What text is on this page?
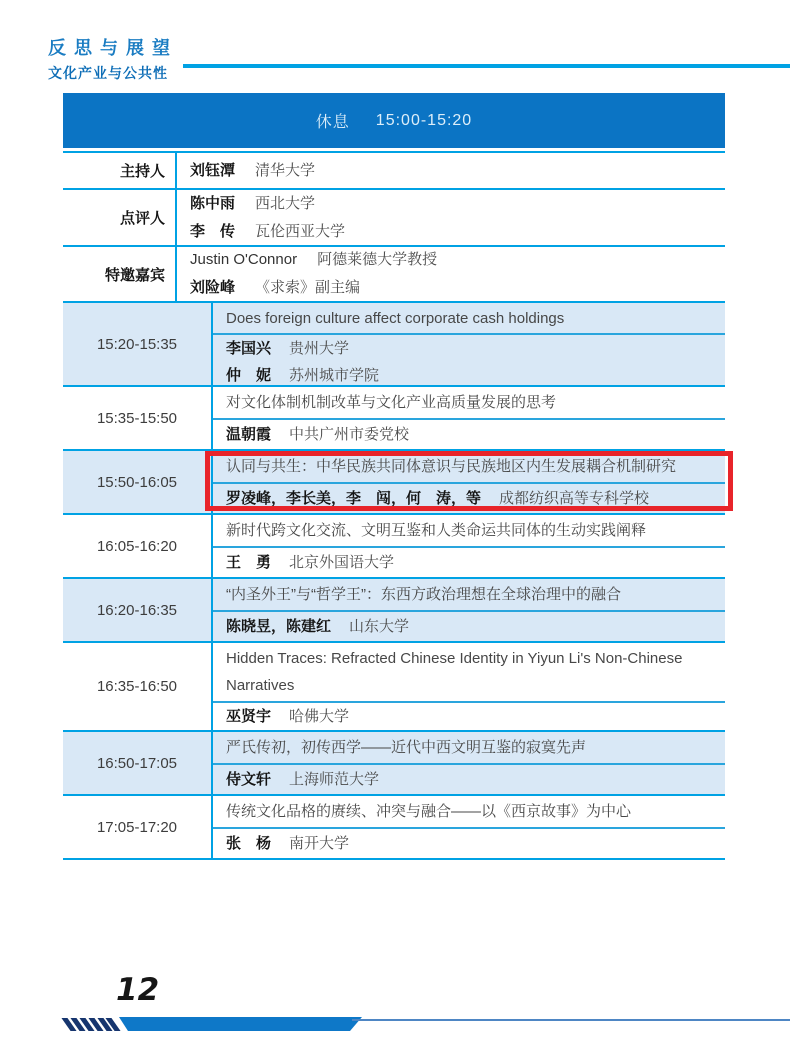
反思与展望
文化产业与公共性
休息 15:00-15:20
主持人	刘钰潭 清华大学
点评人
陈中雨 西北大学
李　传 瓦伦西亚大学
特邀嘉宾
Justin O'Connor 阿德莱德大学教授
刘险峰 《求索》副主编
15:20-15:35
Does foreign culture affect corporate cash holdings
李国兴 贵州大学
仲　妮 苏州城市学院
15:35-15:50
对文化体制机制改革与文化产业高质量发展的思考
温朝霞 中共广州市委党校
15:50-16:05
认同与共生：中华民族共同体意识与民族地区内生发展耦合机制研究
罗凌峰，李长美，李　闯，何　涛，等 成都纺织高等专科学校
16:05-16:20
新时代跨文化交流、文明互鉴和人类命运共同体的生动实践阐释
王　勇 北京外国语大学
16:20-16:35
“内圣外王”与“哲学王”：东西方政治理想在全球治理中的融合
陈晓昱，陈建红 山东大学
16:35-16:50
Hidden Traces: Refracted Chinese Identity in Yiyun Li's Non-Chinese Narratives
巫贤宇 哈佛大学
16:50-17:05
严氏传初，初传西学——近代中西文明互鉴的寂寞先声
侍文轩 上海师范大学
17:05-17:20
传统文化品格的赓续、冲突与融合——以《西京故事》为中心
张　杨 南开大学
12
